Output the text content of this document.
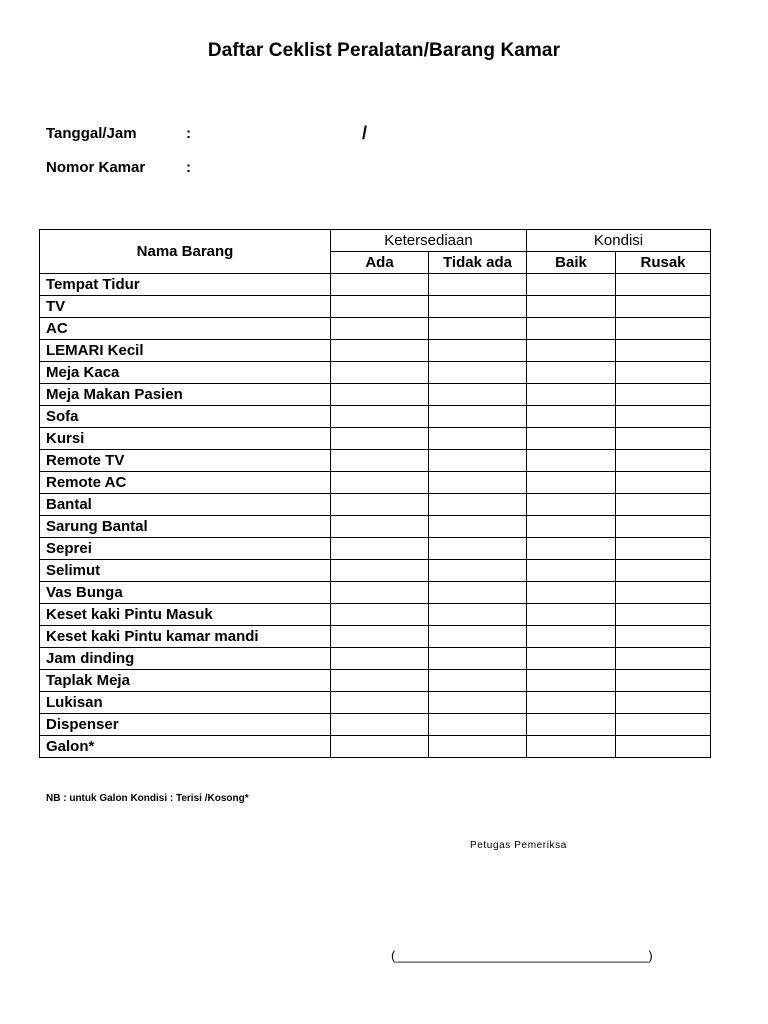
Daftar Ceklist Peralatan/Barang Kamar
Tanggal/Jam	:	/
Nomor Kamar	:
Nama Barang	Ketersediaan		Kondisi	
	Ada	Tidak ada	Baik	Rusak
Tempat Tidur				
TV				
AC				
LEMARI Kecil				
Meja Kaca				
Meja Makan Pasien				
Sofa				
Kursi				
Remote TV				
Remote AC				
Bantal				
Sarung Bantal				
Seprei				
Selimut				
Vas Bunga				
Keset kaki Pintu Masuk				
Keset kaki Pintu kamar mandi				
Jam dinding				
Taplak Meja				
Lukisan				
Dispenser				
Galon*				
NB : untuk Galon Kondisi : Terisi /Kosong*
Petugas Pemeriksa
(___________________________________)
